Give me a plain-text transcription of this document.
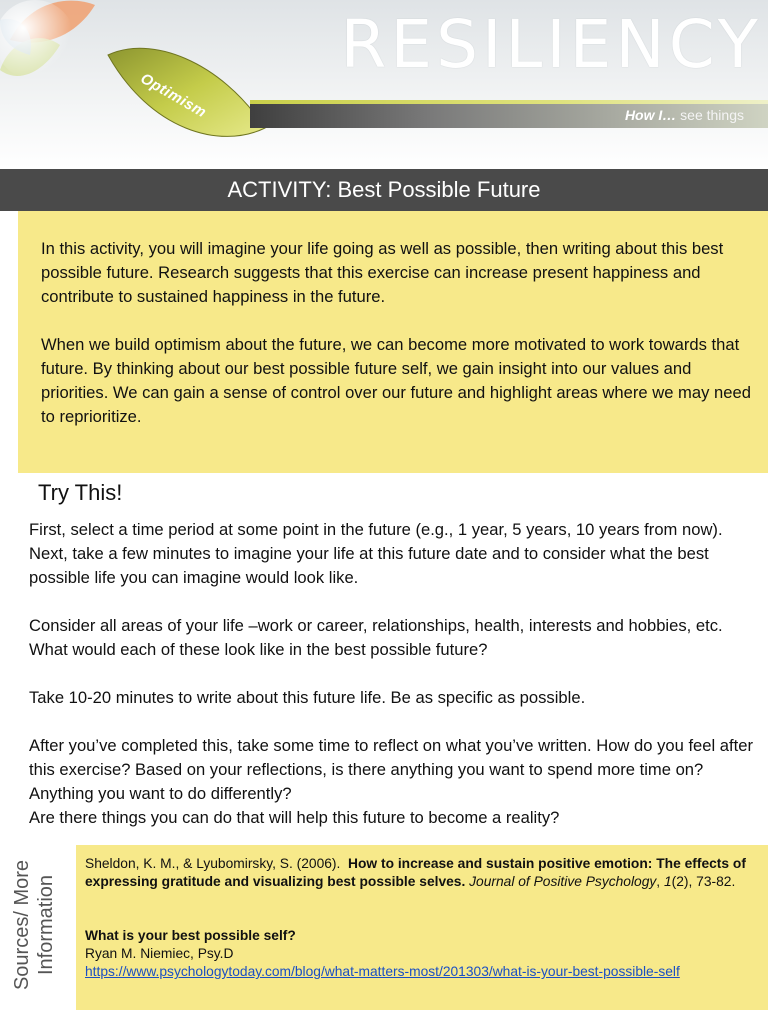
RESILIENCY
Optimism	How I… see things
ACTIVITY: Best Possible Future

In this activity, you will imagine your life going as well as possible, then writing about this best possible future. Research suggests that this exercise can increase present happiness and contribute to sustained happiness in the future.

When we build optimism about the future, we can become more motivated to work towards that future. By thinking about our best possible future self, we gain insight into our values and priorities. We can gain a sense of control over our future and highlight areas where we may need to reprioritize.

Try This!

First, select a time period at some point in the future (e.g., 1 year, 5 years, 10 years from now). Next, take a few minutes to imagine your life at this future date and to consider what the best possible life you can imagine would look like.

Consider all areas of your life –work or career, relationships, health, interests and hobbies, etc. What would each of these look like in the best possible future?

Take 10-20 minutes to write about this future life. Be as specific as possible.

After you’ve completed this, take some time to reflect on what you’ve written. How do you feel after this exercise? Based on your reflections, is there anything you want to spend more time on? Anything you want to do differently?

Are there things you can do that will help this future to become a reality?

Sources/ More Information

Sheldon, K. M., & Lyubomirsky, S. (2006). How to increase and sustain positive emotion: The effects of expressing gratitude and visualizing best possible selves. Journal of Positive Psychology, 1(2), 73-82.

What is your best possible self?
Ryan M. Niemiec, Psy.D
https://www.psychologytoday.com/blog/what-matters-most/201303/what-is-your-best-possible-self
